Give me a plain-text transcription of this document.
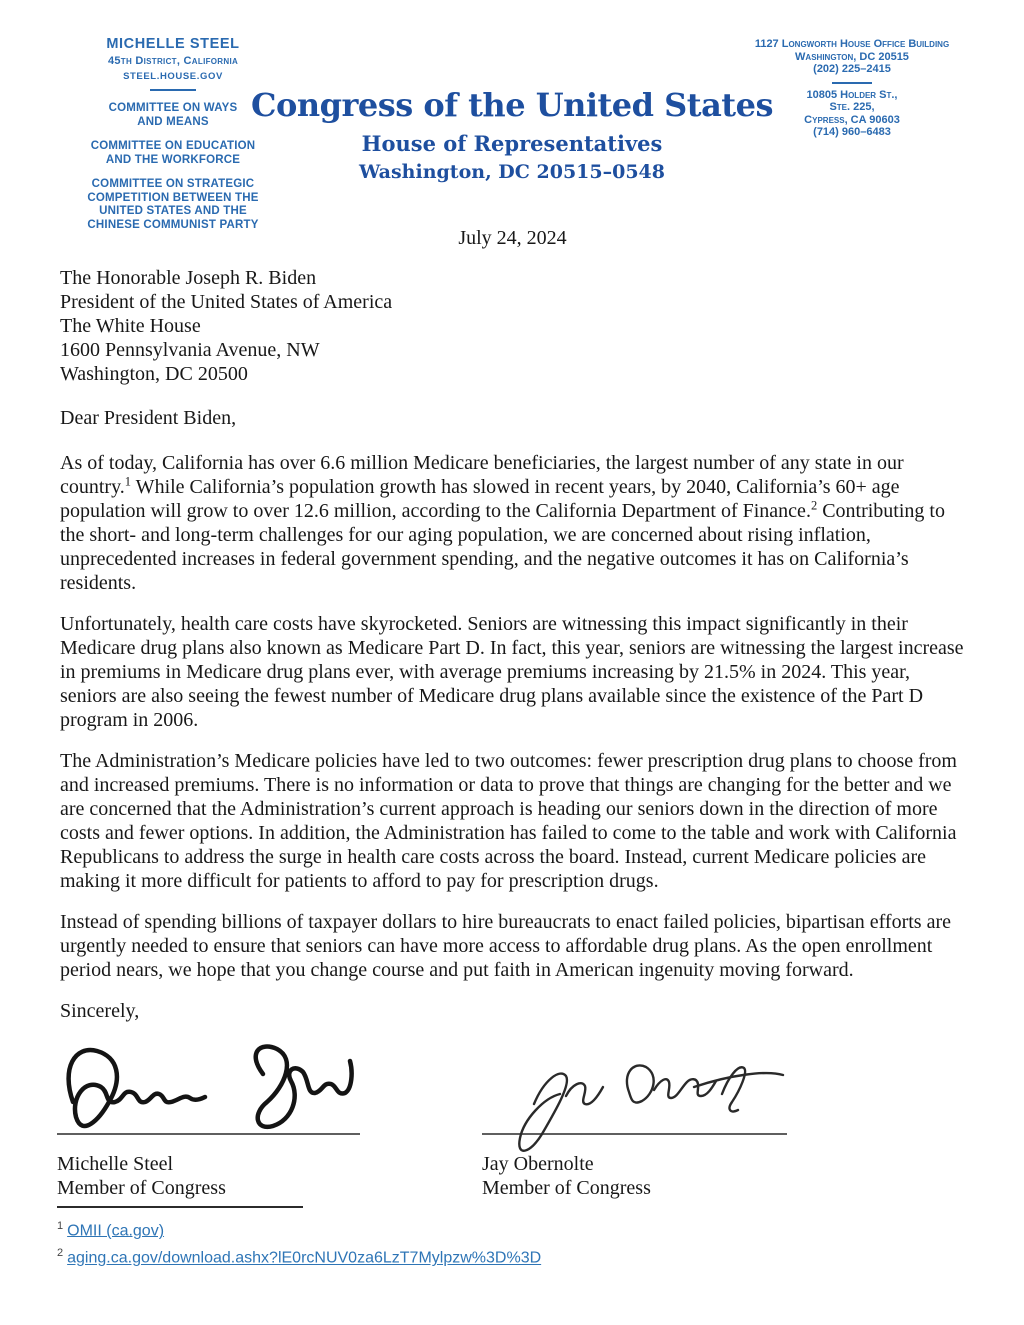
MICHELLE STEEL
45th District, California
STEEL.HOUSE.GOV
COMMITTEE ON WAYS
AND MEANS
COMMITTEE ON EDUCATION
AND THE WORKFORCE
COMMITTEE ON STRATEGIC
COMPETITION BETWEEN THE
UNITED STATES AND THE
CHINESE COMMUNIST PARTY
Congress of the United States
House of Representatives
Washington, DC 20515–0548
1127 Longworth House Office Building
Washington, DC 20515
(202) 225–2415
10805 Holder St.,
Ste. 225,
Cypress, CA 90603
(714) 960–6483
July 24, 2024
The Honorable Joseph R. Biden
President of the United States of America
The White House
1600 Pennsylvania Avenue, NW
Washington, DC 20500
Dear President Biden,

As of today, California has over 6.6 million Medicare beneficiaries, the largest number of any state in our country.$^1$ While California’s population growth has slowed in recent years, by 2040, California’s 60+ age population will grow to over 12.6 million, according to the California Department of Finance.$^2$ Contributing to the short- and long-term challenges for our aging population, we are concerned about rising inflation, unprecedented increases in federal government spending, and the negative outcomes it has on California’s residents.

Unfortunately, health care costs have skyrocketed. Seniors are witnessing this impact significantly in their Medicare drug plans also known as Medicare Part D. In fact, this year, seniors are witnessing the largest increase in premiums in Medicare drug plans ever, with average premiums increasing by 21.5% in 2024. This year, seniors are also seeing the fewest number of Medicare drug plans available since the existence of the Part D program in 2006.

The Administration’s Medicare policies have led to two outcomes: fewer prescription drug plans to choose from and increased premiums. There is no information or data to prove that things are changing for the better and we are concerned that the Administration’s current approach is heading our seniors down in the direction of more costs and fewer options. In addition, the Administration has failed to come to the table and work with California Republicans to address the surge in health care costs across the board. Instead, current Medicare policies are making it more difficult for patients to afford to pay for prescription drugs.

Instead of spending billions of taxpayer dollars to hire bureaucrats to enact failed policies, bipartisan efforts are urgently needed to ensure that seniors can have more access to affordable drug plans. As the open enrollment period nears, we hope that you change course and put faith in American ingenuity moving forward.

Sincerely,
Michelle Steel
Member of Congress
Jay Obernolte
Member of Congress
$^1$ OMII (ca.gov)
$^2$ aging.ca.gov/download.ashx?lE0rcNUV0za6LzT7Mylpzw%3D%3D
